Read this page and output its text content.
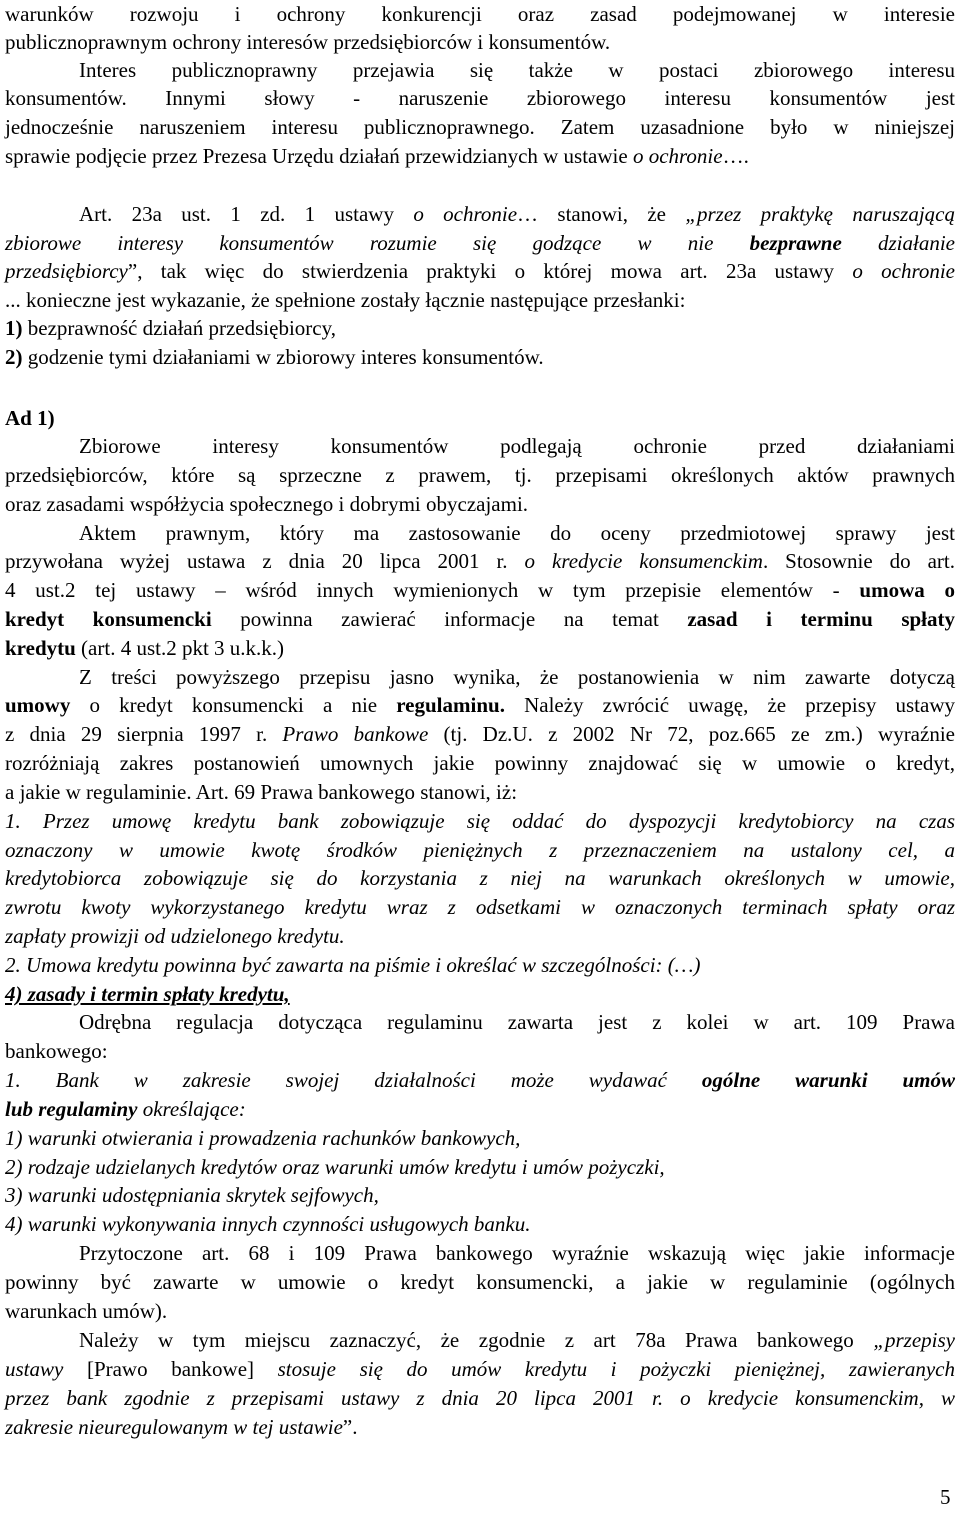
warunków rozwoju i ochrony konkurencji oraz zasad podejmowanej w interesie
publicznoprawnym ochrony interesów przedsiębiorców i konsumentów.
Interes publicznoprawny przejawia się także w postaci zbiorowego interesu
konsumentów. Innymi słowy - naruszenie zbiorowego interesu konsumentów jest
jednocześnie naruszeniem interesu publicznoprawnego. Zatem uzasadnione było w niniejszej
sprawie podjęcie przez Prezesa Urzędu działań przewidzianych w ustawie o ochronie….
Art. 23a ust. 1 zd. 1 ustawy o ochronie… stanowi, że „przez praktykę naruszającą
zbiorowe interesy konsumentów rozumie się godzące w nie bezprawne działanie
przedsiębiorcy”, tak więc do stwierdzenia praktyki o której mowa art. 23a ustawy o ochronie
... konieczne jest wykazanie, że spełnione zostały łącznie następujące przesłanki:
1) bezprawność działań przedsiębiorcy,
2) godzenie tymi działaniami w zbiorowy interes konsumentów.
Ad 1)
Zbiorowe interesy konsumentów podlegają ochronie przed działaniami
przedsiębiorców, które są sprzeczne z prawem, tj. przepisami określonych aktów prawnych
oraz zasadami współżycia społecznego i dobrymi obyczajami.
Aktem prawnym, który ma zastosowanie do oceny przedmiotowej sprawy jest
przywołana wyżej ustawa z dnia 20 lipca 2001 r. o kredycie konsumenckim. Stosownie do art.
4 ust.2 tej ustawy – wśród innych wymienionych w tym przepisie elementów - umowa o
kredyt konsumencki powinna zawierać informacje na temat zasad i terminu spłaty
kredytu (art. 4 ust.2 pkt 3 u.k.k.)
Z treści powyższego przepisu jasno wynika, że postanowienia w nim zawarte dotyczą
umowy o kredyt konsumencki a nie regulaminu. Należy zwrócić uwagę, że przepisy ustawy
z dnia 29 sierpnia 1997 r. Prawo bankowe (tj. Dz.U. z 2002 Nr 72, poz.665 ze zm.) wyraźnie
rozróżniają zakres postanowień umownych jakie powinny znajdować się w umowie o kredyt,
a jakie w regulaminie. Art. 69 Prawa bankowego stanowi, iż:
1. Przez umowę kredytu bank zobowiązuje się oddać do dyspozycji kredytobiorcy na czas
oznaczony w umowie kwotę środków pieniężnych z przeznaczeniem na ustalony cel, a
kredytobiorca zobowiązuje się do korzystania z niej na warunkach określonych w umowie,
zwrotu kwoty wykorzystanego kredytu wraz z odsetkami w oznaczonych terminach spłaty oraz
zapłaty prowizji od udzielonego kredytu.
2. Umowa kredytu powinna być zawarta na piśmie i określać w szczególności: (…)
4) zasady i termin spłaty kredytu,
Odrębna regulacja dotycząca regulaminu zawarta jest z kolei w art. 109 Prawa
bankowego:
1. Bank w zakresie swojej działalności może wydawać ogólne warunki umów
lub regulaminy określające:
1) warunki otwierania i prowadzenia rachunków bankowych,
2) rodzaje udzielanych kredytów oraz warunki umów kredytu i umów pożyczki,
3) warunki udostępniania skrytek sejfowych,
4) warunki wykonywania innych czynności usługowych banku.
Przytoczone art. 68 i 109 Prawa bankowego wyraźnie wskazują więc jakie informacje
powinny być zawarte w umowie o kredyt konsumencki, a jakie w regulaminie (ogólnych
warunkach umów).
Należy w tym miejscu zaznaczyć, że zgodnie z art 78a Prawa bankowego „przepisy
ustawy [Prawo bankowe] stosuje się do umów kredytu i pożyczki pieniężnej, zawieranych
przez bank zgodnie z przepisami ustawy z dnia 20 lipca 2001 r. o kredycie konsumenckim, w
zakresie nieuregulowanym w tej ustawie”.
5
